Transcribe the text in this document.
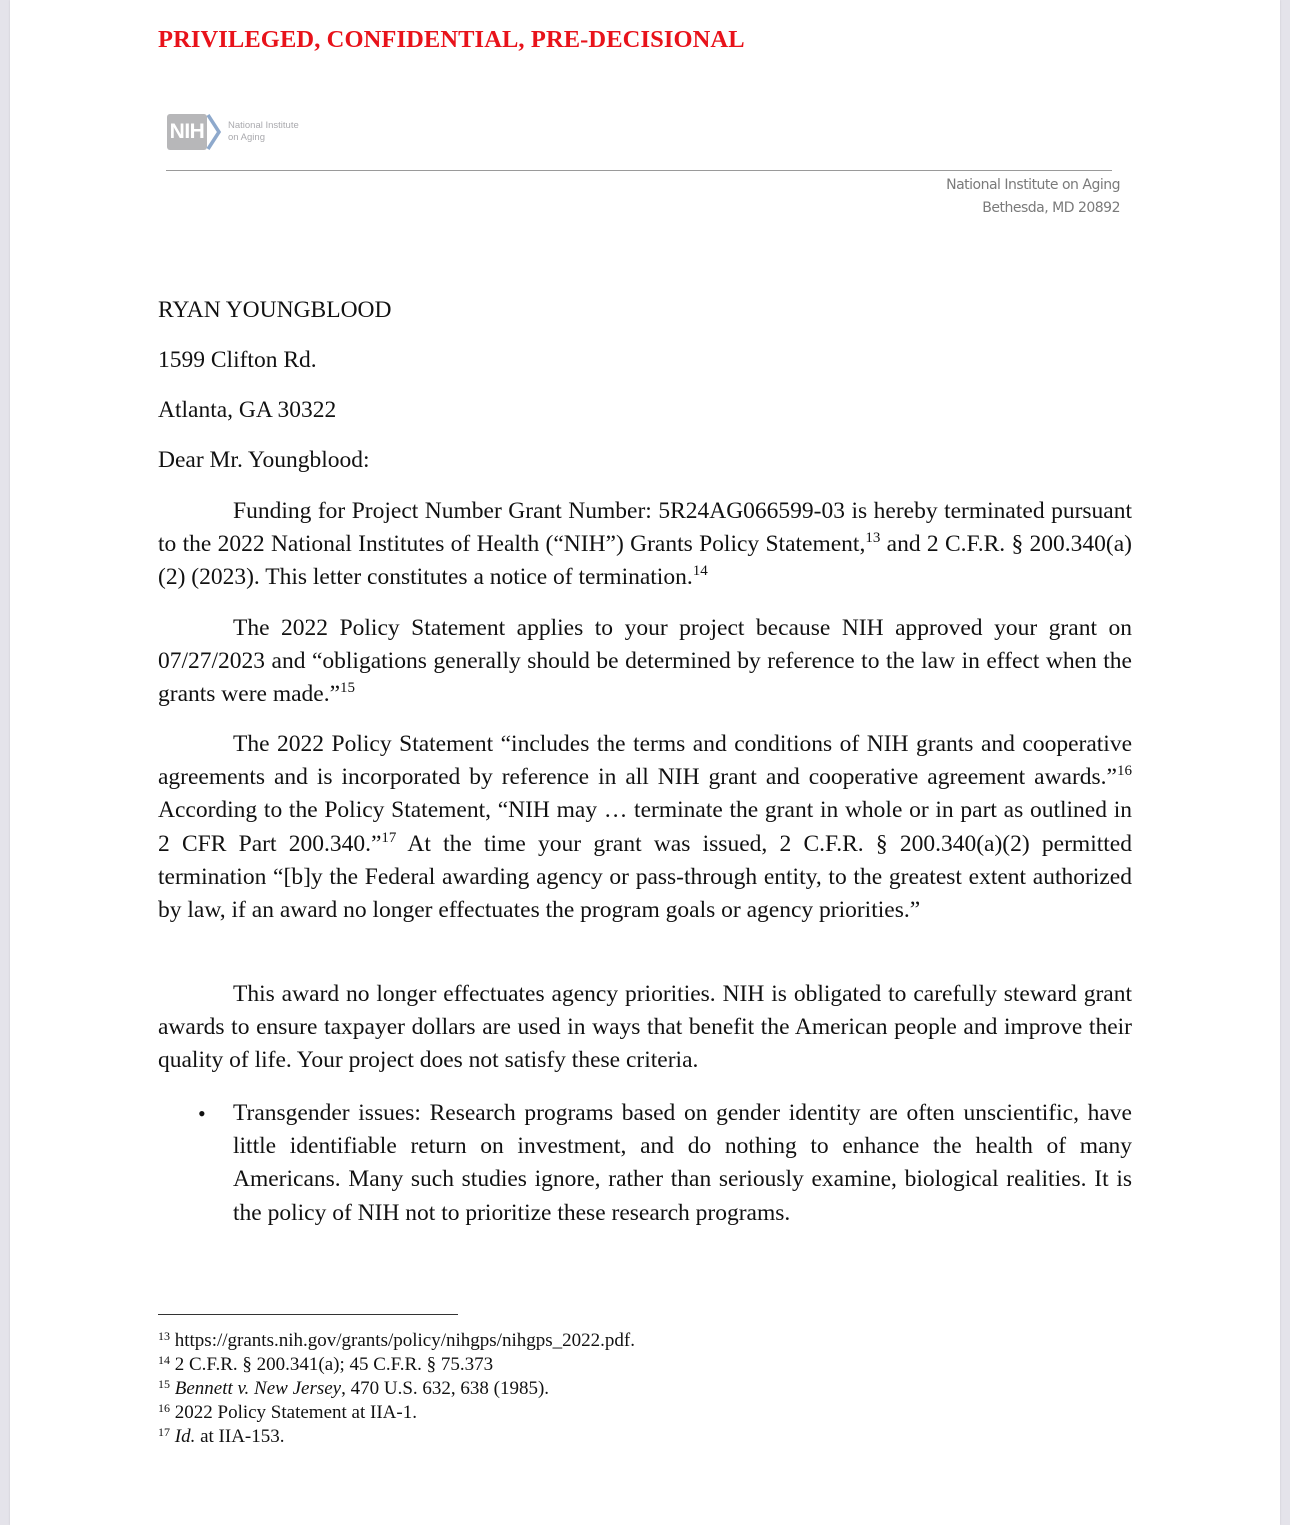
PRIVILEGED, CONFIDENTIAL, PRE-DECISIONAL
NIH National Institute
on Aging
National Institute on Aging
Bethesda, MD 20892
RYAN YOUNGBLOOD
1599 Clifton Rd.
Atlanta, GA 30322
Dear Mr. Youngblood:

Funding for Project Number Grant Number: 5R24AG066599-03 is hereby terminated pursuant to the 2022 National Institutes of Health (“NIH”) Grants Policy Statement,$^{13}$ and 2 C.F.R. § 200.340(a)(2) (2023). This letter constitutes a notice of termination.$^{14}$

The 2022 Policy Statement applies to your project because NIH approved your grant on 07/27/2023 and “obligations generally should be determined by reference to the law in effect when the grants were made.”$^{15}$

The 2022 Policy Statement “includes the terms and conditions of NIH grants and cooperative agreements and is incorporated by reference in all NIH grant and cooperative agreement awards.”$^{16}$ According to the Policy Statement, “NIH may … terminate the grant in whole or in part as outlined in 2 CFR Part 200.340.”$^{17}$ At the time your grant was issued, 2 C.F.R. § 200.340(a)(2) permitted termination “[b]y the Federal awarding agency or pass-through entity, to the greatest extent authorized by law, if an award no longer effectuates the program goals or agency priorities.”

This award no longer effectuates agency priorities. NIH is obligated to carefully steward grant awards to ensure taxpayer dollars are used in ways that benefit the American people and improve their quality of life. Your project does not satisfy these criteria.

• Transgender issues: Research programs based on gender identity are often unscientific, have little identifiable return on investment, and do nothing to enhance the health of many Americans. Many such studies ignore, rather than seriously examine, biological realities. It is the policy of NIH not to prioritize these research programs.
$^{13}$ https://grants.nih.gov/grants/policy/nihgps/nihgps_2022.pdf.
$^{14}$ 2 C.F.R. § 200.341(a); 45 C.F.R. § 75.373
$^{15}$ Bennett v. New Jersey, 470 U.S. 632, 638 (1985).
$^{16}$ 2022 Policy Statement at IIA-1.
$^{17}$ Id. at IIA-153.
